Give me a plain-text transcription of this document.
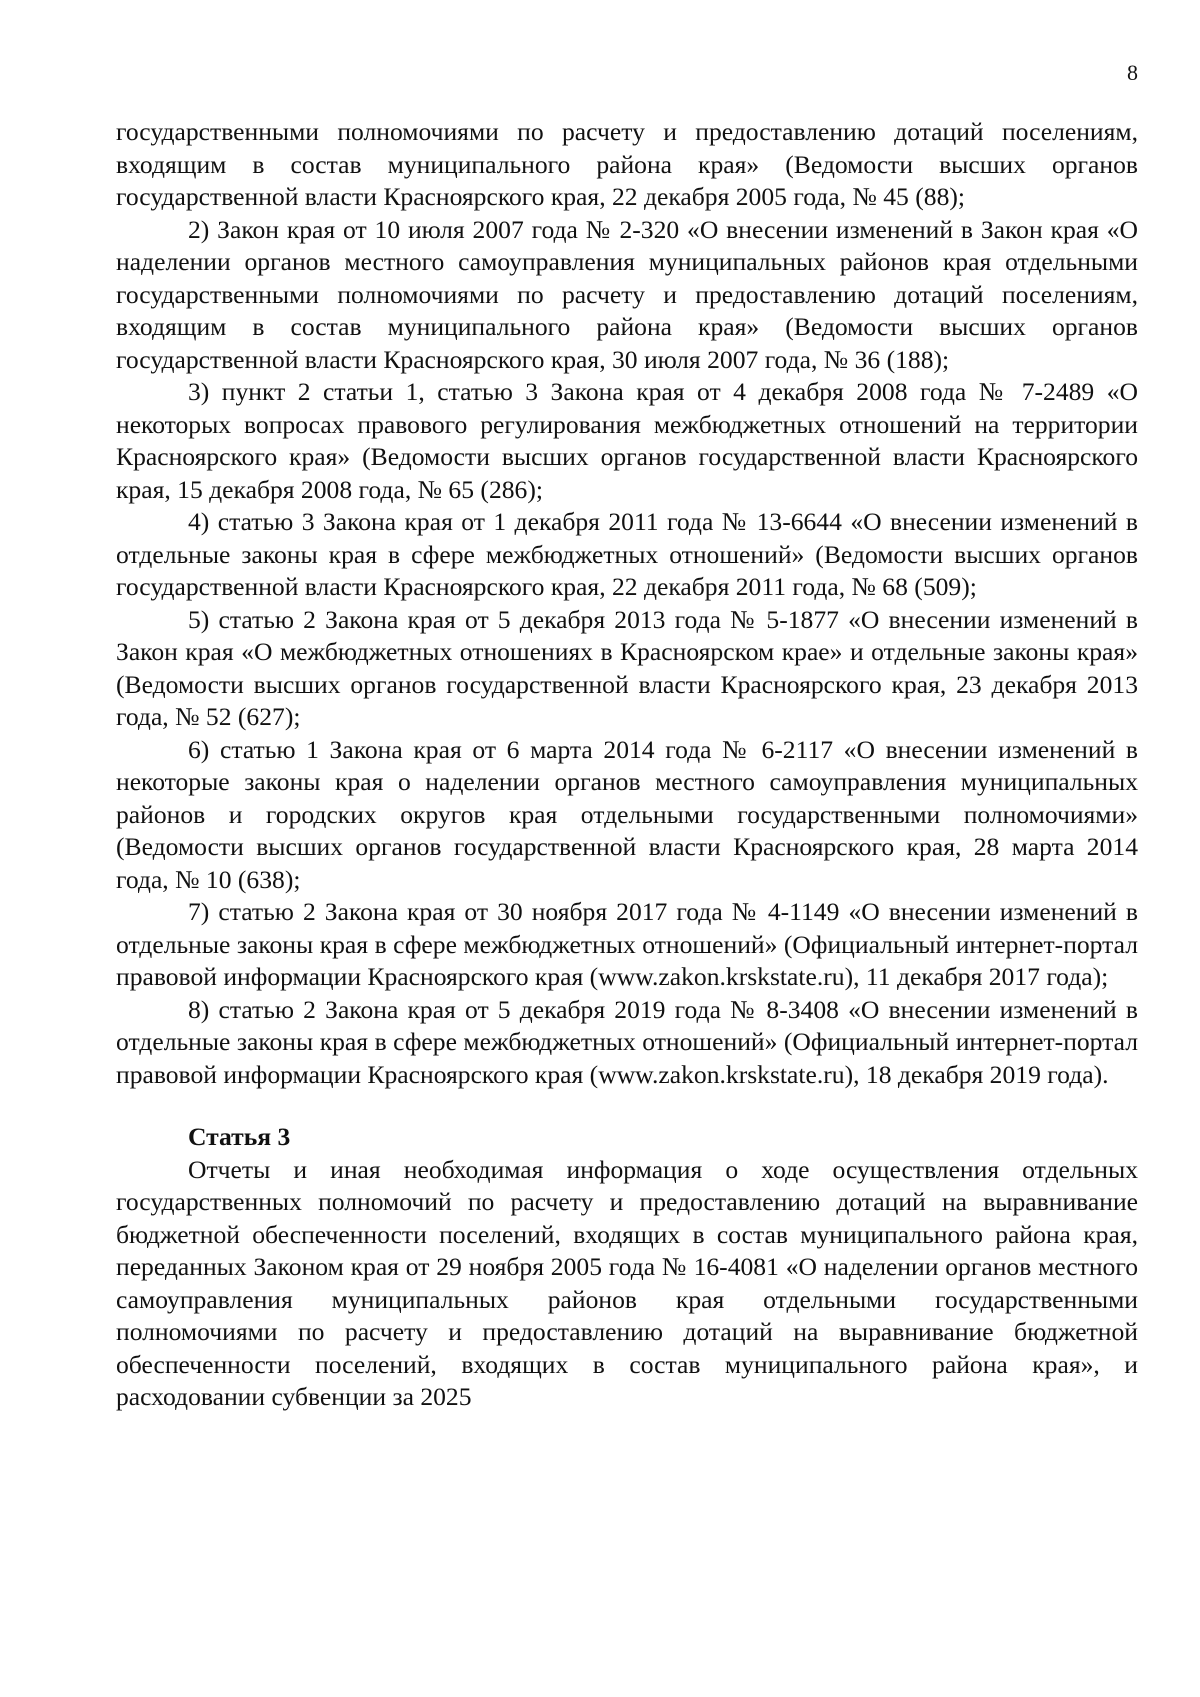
8

государственными полномочиями по расчету и предоставлению дотаций поселениям, входящим в состав муниципального района края» (Ведомости высших органов государственной власти Красноярского края, 22 декабря 2005 года, № 45 (88);

2) Закон края от 10 июля 2007 года № 2-320 «О внесении изменений в Закон края «О наделении органов местного самоуправления муниципальных районов края отдельными государственными полномочиями по расчету и предоставлению дотаций поселениям, входящим в состав муниципального района края» (Ведомости высших органов государственной власти Красноярского края, 30 июля 2007 года, № 36 (188);

3) пункт 2 статьи 1, статью 3 Закона края от 4 декабря 2008 года № 7-2489 «О некоторых вопросах правового регулирования межбюджетных отношений на территории Красноярского края» (Ведомости высших органов государственной власти Красноярского края, 15 декабря 2008 года, № 65 (286);

4) статью 3 Закона края от 1 декабря 2011 года № 13-6644 «О внесении изменений в отдельные законы края в сфере межбюджетных отношений» (Ведомости высших органов государственной власти Красноярского края, 22 декабря 2011 года, № 68 (509);

5) статью 2 Закона края от 5 декабря 2013 года № 5-1877 «О внесении изменений в Закон края «О межбюджетных отношениях в Красноярском крае» и отдельные законы края» (Ведомости высших органов государственной власти Красноярского края, 23 декабря 2013 года, № 52 (627);

6) статью 1 Закона края от 6 марта 2014 года № 6-2117 «О внесении изменений в некоторые законы края о наделении органов местного самоуправления муниципальных районов и городских округов края отдельными государственными полномочиями» (Ведомости высших органов государственной власти Красноярского края, 28 марта 2014 года, № 10 (638);

7) статью 2 Закона края от 30 ноября 2017 года № 4-1149 «О внесении изменений в отдельные законы края в сфере межбюджетных отношений» (Официальный интернет-портал правовой информации Красноярского края (www.zakon.krskstate.ru), 11 декабря 2017 года);

8) статью 2 Закона края от 5 декабря 2019 года № 8-3408 «О внесении изменений в отдельные законы края в сфере межбюджетных отношений» (Официальный интернет-портал правовой информации Красноярского края (www.zakon.krskstate.ru), 18 декабря 2019 года).

Статья 3

Отчеты и иная необходимая информация о ходе осуществления отдельных государственных полномочий по расчету и предоставлению дотаций на выравнивание бюджетной обеспеченности поселений, входящих в состав муниципального района края, переданных Законом края от 29 ноября 2005 года № 16-4081 «О наделении органов местного самоуправления муниципальных районов края отдельными государственными полномочиями по расчету и предоставлению дотаций на выравнивание бюджетной обеспеченности поселений, входящих в состав муниципального района края», и расходовании субвенции за 2025
